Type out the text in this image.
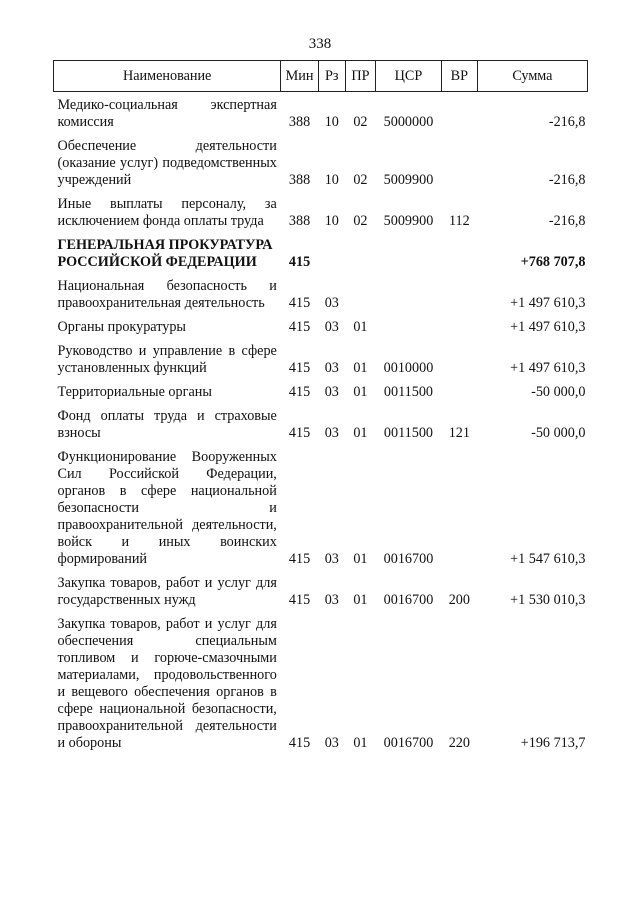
338
Наименование	Мин	Рз	ПР	ЦСР	ВР	Сумма
Медико-социальная экспертная комиссия	388	10	02	5000000		-216,8
Обеспечение деятельности (оказание услуг) подведомственных учреждений	388	10	02	5009900		-216,8
Иные выплаты персоналу, за исключением фонда оплаты труда	388	10	02	5009900	112	-216,8
ГЕНЕРАЛЬНАЯ ПРОКУРАТУРА РОССИЙСКОЙ ФЕДЕРАЦИИ	415					+768 707,8
Национальная безопасность и правоохранительная деятельность	415	03				+1 497 610,3
Органы прокуратуры	415	03	01			+1 497 610,3
Руководство и управление в сфере установленных функций	415	03	01	0010000		+1 497 610,3
Территориальные органы	415	03	01	0011500		-50 000,0
Фонд оплаты труда и страховые взносы	415	03	01	0011500	121	-50 000,0
Функционирование Вооруженных Сил Российской Федерации, органов в сфере национальной безопасности и правоохранительной деятельности, войск и иных воинских формирований	415	03	01	0016700		+1 547 610,3
Закупка товаров, работ и услуг для государственных нужд	415	03	01	0016700	200	+1 530 010,3
Закупка товаров, работ и услуг для обеспечения специальным топливом и горюче-смазочными материалами, продовольственного и вещевого обеспечения органов в сфере национальной безопасности, правоохранительной деятельности и обороны	415	03	01	0016700	220	+196 713,7
